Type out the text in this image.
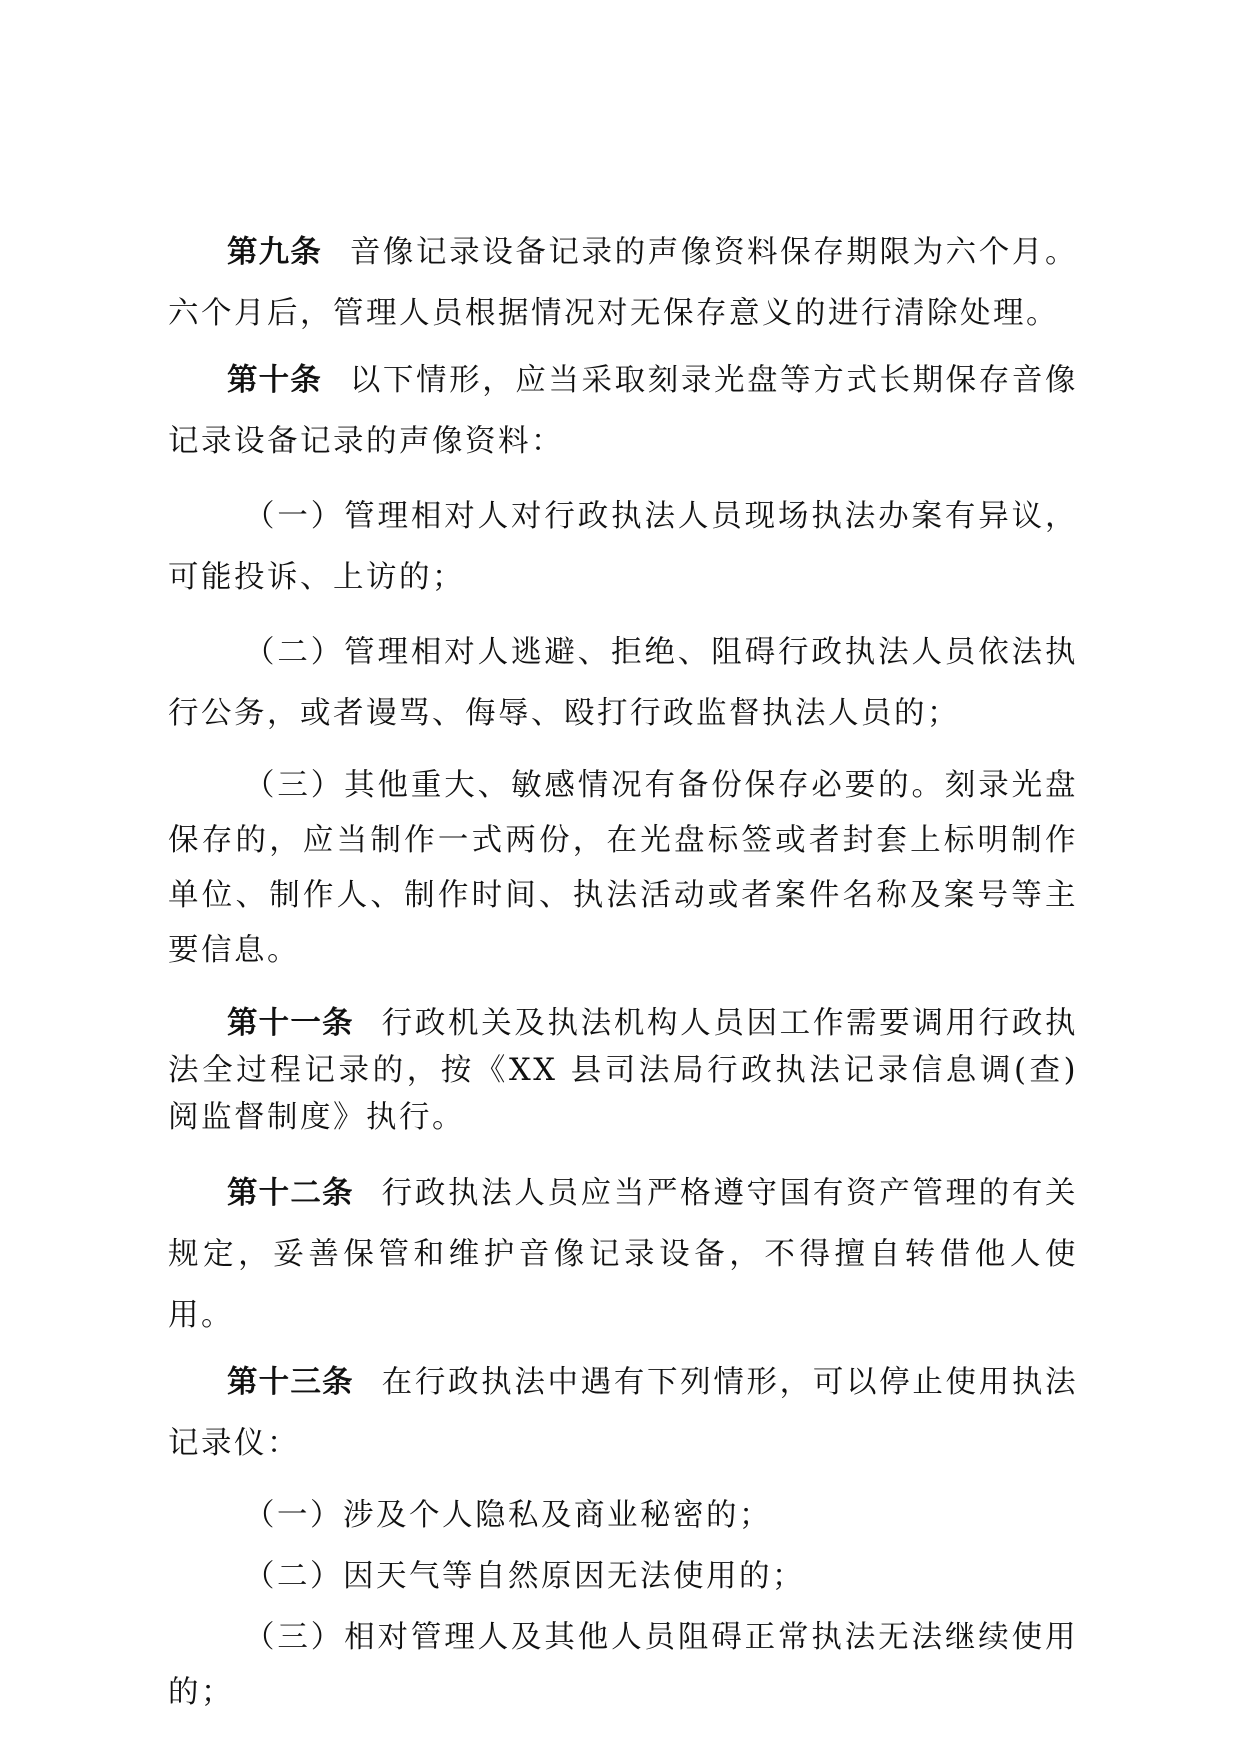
第九条 音像记录设备记录的声像资料保存期限为六个月。六个月后，管理人员根据情况对无保存意义的进行清除处理。

第十条 以下情形，应当采取刻录光盘等方式长期保存音像记录设备记录的声像资料：

（一）管理相对人对行政执法人员现场执法办案有异议，可能投诉、上访的；

（二）管理相对人逃避、拒绝、阻碍行政执法人员依法执行公务，或者谩骂、侮辱、殴打行政监督执法人员的；

（三）其他重大、敏感情况有备份保存必要的。刻录光盘保存的，应当制作一式两份，在光盘标签或者封套上标明制作单位、制作人、制作时间、执法活动或者案件名称及案号等主要信息。

第十一条 行政机关及执法机构人员因工作需要调用行政执法全过程记录的，按《XX 县司法局行政执法记录信息调(查)阅监督制度》执行。

第十二条 行政执法人员应当严格遵守国有资产管理的有关规定，妥善保管和维护音像记录设备，不得擅自转借他人使用。

第十三条 在行政执法中遇有下列情形，可以停止使用执法记录仪：

（一）涉及个人隐私及商业秘密的；

（二）因天气等自然原因无法使用的；

（三）相对管理人及其他人员阻碍正常执法无法继续使用的；
